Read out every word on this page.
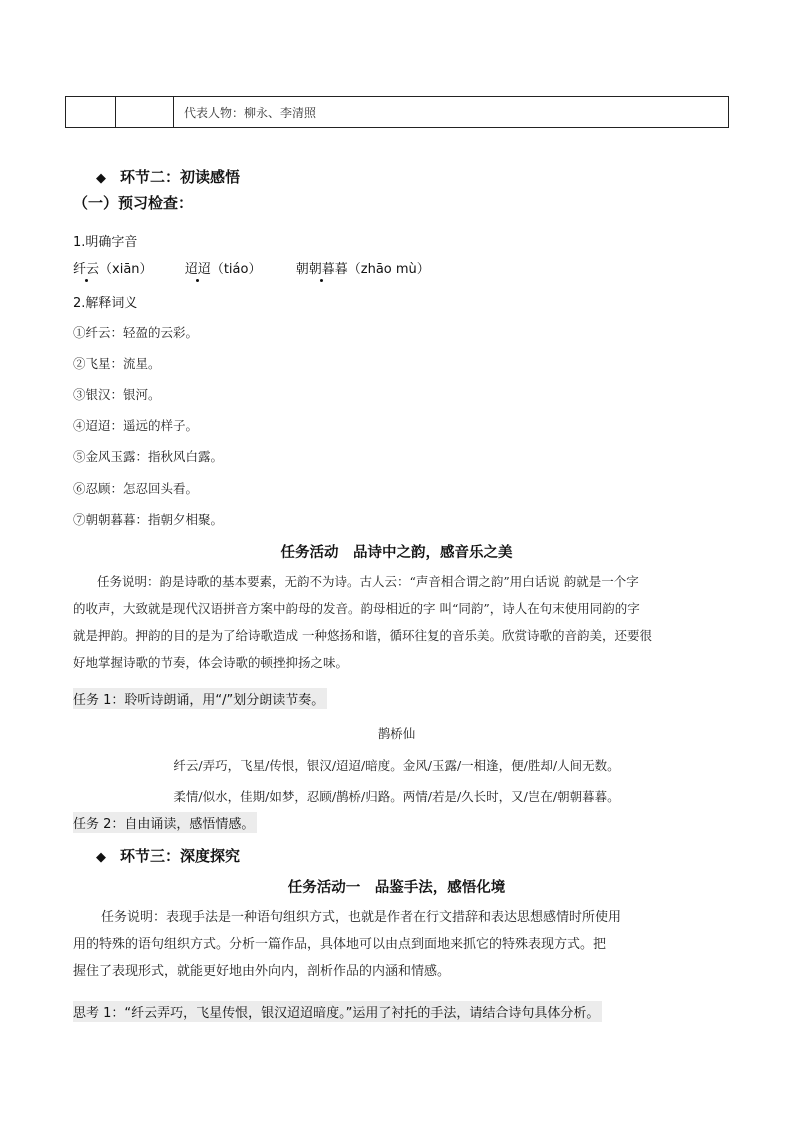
代表人物：柳永、李清照
◆ 环节二：初读感悟
（一）预习检查：
1.明确字音
纤云（xiān） 迢迢（tiáo）	朝朝暮暮（zhāo mù）
2.解释词义
①纤云：轻盈的云彩。
②飞星：流星。
③银汉：银河。
④迢迢：遥远的样子。
⑤金风玉露：指秋风白露。
⑥忍顾：怎忍回头看。
⑦朝朝暮暮：指朝夕相聚。
任务活动　品诗中之韵，感音乐之美
任务说明：韵是诗歌的基本要素，无韵不为诗。古人云：“声音相合谓之韵”用白话说 韵就是一个字
的收声，大致就是现代汉语拼音方案中韵母的发音。韵母相近的字 叫“同韵”，诗人在句末使用同韵的字
就是押韵。押韵的目的是为了给诗歌造成 一种悠扬和谐，循环往复的音乐美。欣赏诗歌的音韵美，还要很
好地掌握诗歌的节奏，体会诗歌的顿挫抑扬之味。
任务 1：聆听诗朗诵，用“/”划分朗读节奏。
鹊桥仙
纤云/弄巧，飞星/传恨，银汉/迢迢/暗度。金风/玉露/一相逢，便/胜却/人间无数。
柔情/似水，佳期/如梦，忍顾/鹊桥/归路。两情/若是/久长时，又/岂在/朝朝暮暮。
任务 2：自由诵读，感悟情感。
◆ 环节三：深度探究
任务活动一　品鉴手法，感悟化境
任务说明：表现手法是一种语句组织方式，也就是作者在行文措辞和表达思想感情时所使用
用的特殊的语句组织方式。分析一篇作品，具体地可以由点到面地来抓它的特殊表现方式。把
握住了表现形式，就能更好地由外向内，剖析作品的内涵和情感。
思考 1：“纤云弄巧，飞星传恨，银汉迢迢暗度。”运用了衬托的手法，请结合诗句具体分析。
